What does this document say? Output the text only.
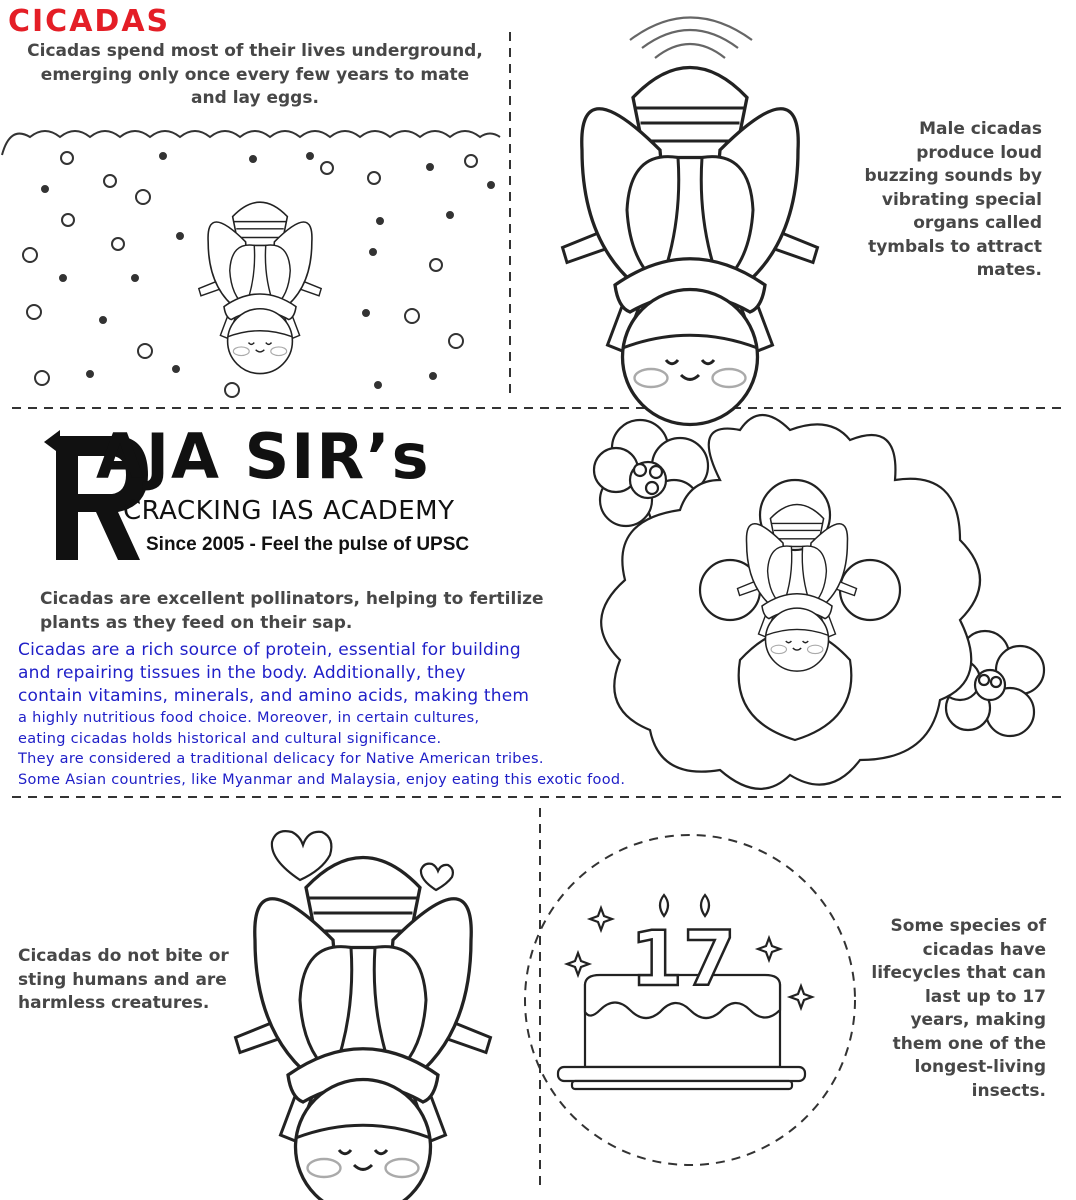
CICADAS
17
Cicadas spend most of their lives underground, emerging only once every few years to mate and lay eggs.
Male cicadas produce loud buzzing sounds by vibrating special organs called tymbals to attract mates.
AJA SIR’s
CRACKING IAS ACADEMY
Since 2005 - Feel the pulse of UPSC
Cicadas are excellent pollinators, helping to fertilize plants as they feed on their sap.
Cicadas are a rich source of protein, essential for building
and repairing tissues in the body. Additionally, they
contain vitamins, minerals, and amino acids, making them
a highly nutritious food choice. Moreover, in certain cultures,
eating cicadas holds historical and cultural significance.
They are considered a traditional delicacy for Native American tribes.
Some Asian countries, like Myanmar and Malaysia, enjoy eating this exotic food.
Cicadas do not bite or sting humans and are harmless creatures.
Some species of cicadas have lifecycles that can last up to 17 years, making them one of the longest-living insects.
